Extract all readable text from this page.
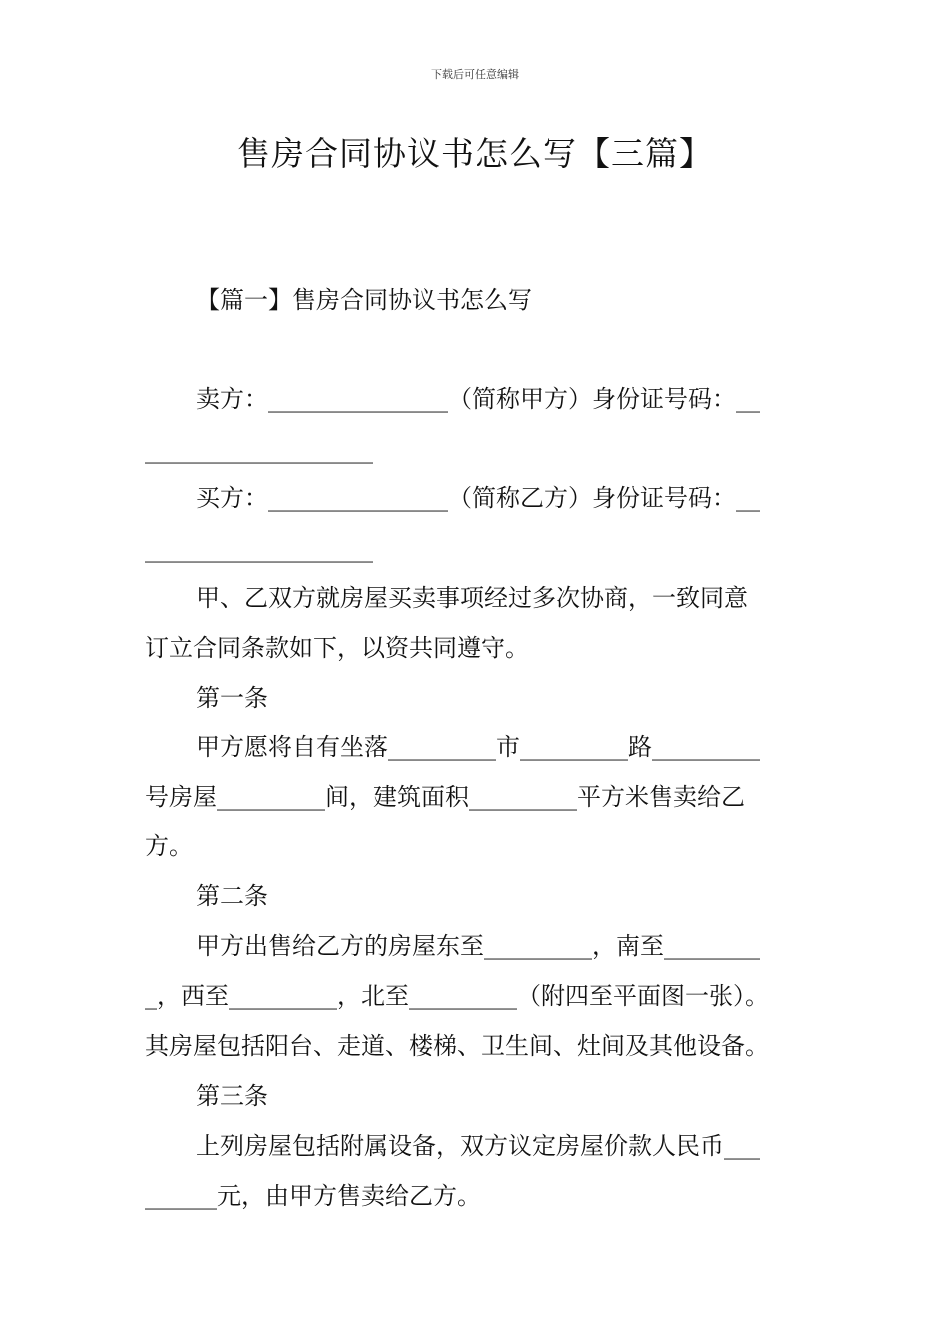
下载后可任意编辑
售房合同协议书怎么写【三篇】
【篇一】售房合同协议书怎么写
卖方：_______________（简称甲方）身份证号码：__
___________________
买方：_______________（简称乙方）身份证号码：__
___________________
甲、乙双方就房屋买卖事项经过多次协商，一致同意
订立合同条款如下，以资共同遵守。
第一条
甲方愿将自有坐落_________市_________路_________
号房屋_________间，建筑面积_________平方米售卖给乙
方。
第二条
甲方出售给乙方的房屋东至_________，南至________
_，西至_________，北至_________（附四至平面图一张）。
其房屋包括阳台、走道、楼梯、卫生间、灶间及其他设备。
第三条
上列房屋包括附属设备，双方议定房屋价款人民币___
______元，由甲方售卖给乙方。
